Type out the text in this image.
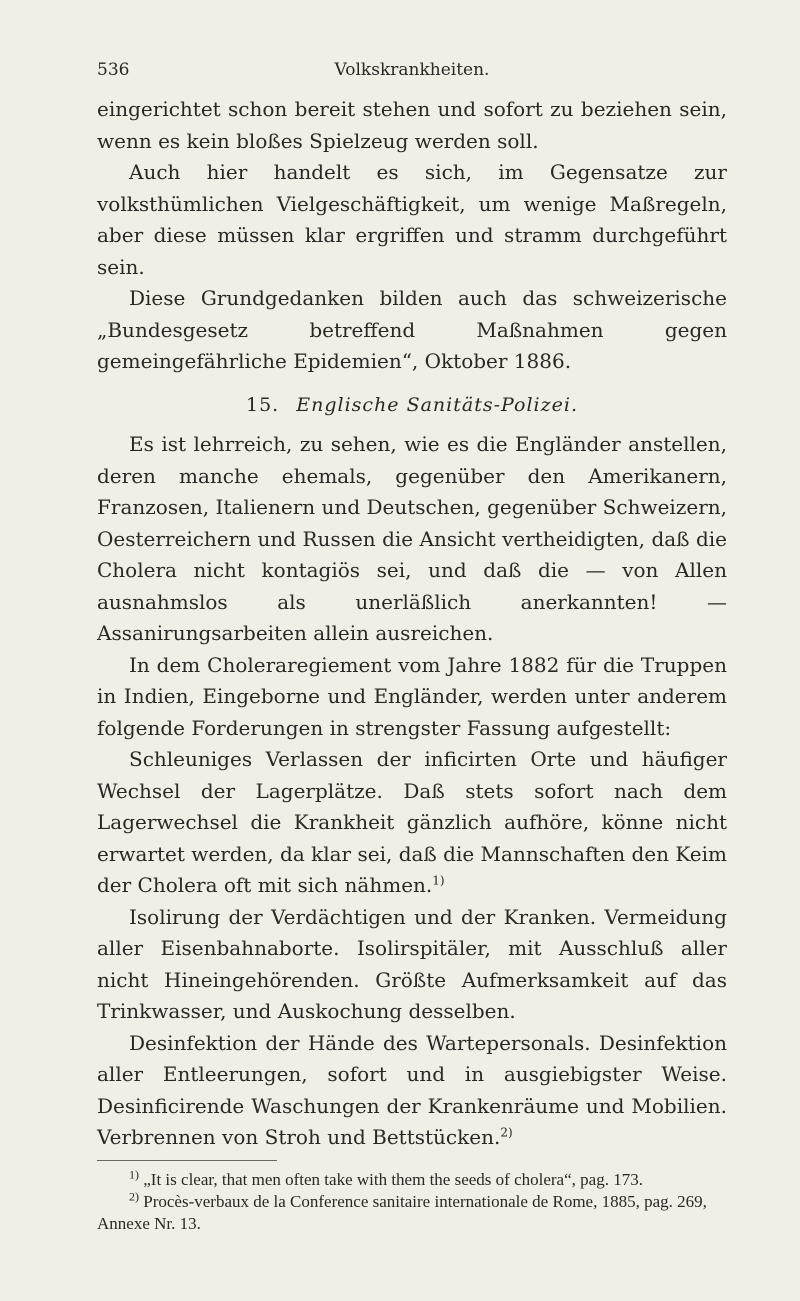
536	Volkskrankheiten.

eingerichtet schon bereit stehen und sofort zu beziehen sein, wenn es kein bloßes Spielzeug werden soll.

Auch hier handelt es sich, im Gegensatze zur volksthümlichen Vielgeschäftigkeit, um wenige Maßregeln, aber diese müssen klar ergriffen und stramm durchgeführt sein.

Diese Grundgedanken bilden auch das schweizerische „Bundesgesetz betreffend Maßnahmen gegen gemeingefährliche Epidemien“, Oktober 1886.

15. Englische Sanitäts-Polizei.

Es ist lehrreich, zu sehen, wie es die Engländer anstellen, deren manche ehemals, gegenüber den Amerikanern, Franzosen, Italienern und Deutschen, gegenüber Schweizern, Oesterreichern und Russen die Ansicht vertheidigten, daß die Cholera nicht kontagiös sei, und daß die — von Allen ausnahmslos als unerläßlich anerkannten! — Assanirungsarbeiten allein ausreichen.

In dem Choleraregiement vom Jahre 1882 für die Truppen in Indien, Eingeborne und Engländer, werden unter anderem folgende Forderungen in strengster Fassung aufgestellt:

Schleuniges Verlassen der inficirten Orte und häufiger Wechsel der Lagerplätze. Daß stets sofort nach dem Lagerwechsel die Krankheit gänzlich aufhöre, könne nicht erwartet werden, da klar sei, daß die Mannschaften den Keim der Cholera oft mit sich nähmen.$^{1)}$

Isolirung der Verdächtigen und der Kranken. Vermeidung aller Eisenbahnaborte. Isolirspitäler, mit Ausschluß aller nicht Hineingehörenden. Größte Aufmerksamkeit auf das Trinkwasser, und Auskochung desselben.

Desinfektion der Hände des Wartepersonals. Desinfektion aller Entleerungen, sofort und in ausgiebigster Weise. Desinficirende Waschungen der Krankenräume und Mobilien. Verbrennen von Stroh und Bettstücken.$^{2)}$

$^{1)}$ „It is clear, that men often take with them the seeds of cholera“, pag. 173.

$^{2)}$ Procès-verbaux de la Conference sanitaire internationale de Rome, 1885, pag. 269, Annexe Nr. 13.
